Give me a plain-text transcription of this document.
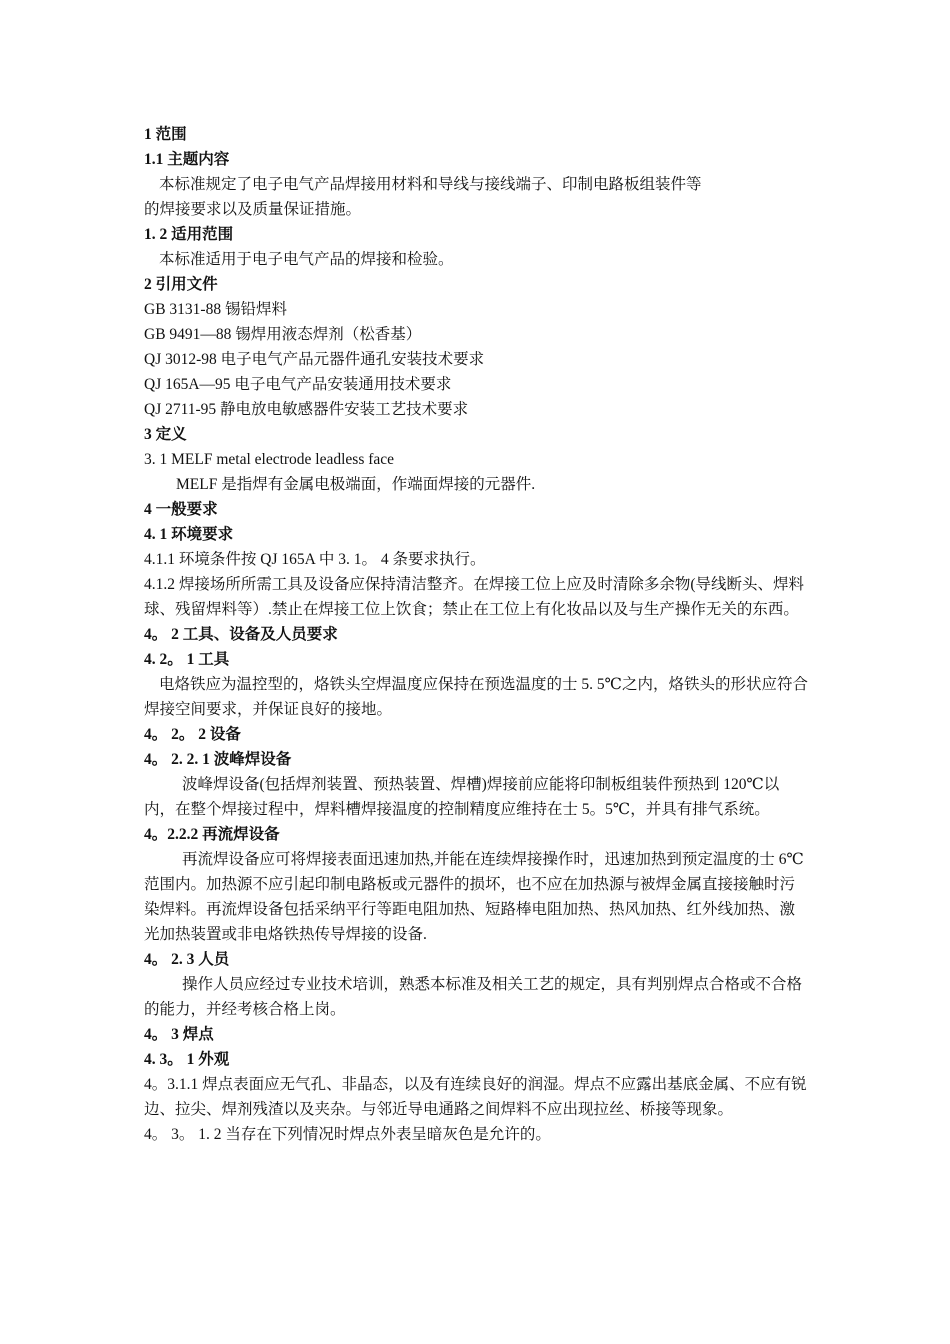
1 范围
1.1 主题内容
本标准规定了电子电气产品焊接用材料和导线与接线端子、印制电路板组装件等
的焊接要求以及质量保证措施。
1. 2 适用范围
本标准适用于电子电气产品的焊接和检验。
2 引用文件
GB 3131-88 锡铅焊料
GB 9491—88 锡焊用液态焊剂（松香基）
QJ 3012-98 电子电气产品元器件通孔安装技术要求
QJ 165A—95 电子电气产品安装通用技术要求
QJ 2711-95 静电放电敏感器件安装工艺技术要求
3 定义
3. 1 MELF metal electrode leadless face
MELF 是指焊有金属电极端面，作端面焊接的元器件.
4 一般要求
4. 1 环境要求
4.1.1 环境条件按 QJ 165A 中 3. 1。 4 条要求执行。
4.1.2 焊接场所所需工具及设备应保持清洁整齐。在焊接工位上应及时清除多余物(导线断头、焊料球、残留焊料等）.禁止在焊接工位上饮食；禁止在工位上有化妆品以及与生产操作无关的东西。
4。 2 工具、设备及人员要求
4. 2。 1 工具
电烙铁应为温控型的，烙铁头空焊温度应保持在预选温度的士 5. 5℃之内，烙铁头的形状应符合焊接空间要求，并保证良好的接地。
4。 2。 2 设备
4。 2. 2. 1 波峰焊设备
波峰焊设备(包括焊剂装置、预热装置、焊槽)焊接前应能将印制板组装件预热到 120℃以内，在整个焊接过程中，焊料槽焊接温度的控制精度应维持在士 5。5℃，并具有排气系统。
4。2.2.2 再流焊设备
再流焊设备应可将焊接表面迅速加热,并能在连续焊接操作时，迅速加热到预定温度的士 6℃范围内。加热源不应引起印制电路板或元器件的损坏，也不应在加热源与被焊金属直接接触时污染焊料。再流焊设备包括采纳平行等距电阻加热、短路棒电阻加热、热风加热、红外线加热、激光加热装置或非电烙铁热传导焊接的设备.
4。 2. 3 人员
操作人员应经过专业技术培训，熟悉本标准及相关工艺的规定，具有判别焊点合格或不合格的能力，并经考核合格上岗。
4。 3 焊点
4. 3。 1 外观
4。3.1.1 焊点表面应无气孔、非晶态，以及有连续良好的润湿。焊点不应露出基底金属、不应有锐边、拉尖、焊剂残渣以及夹杂。与邻近导电通路之间焊料不应出现拉丝、桥接等现象。
4。 3。 1. 2 当存在下列情况时焊点外表呈暗灰色是允许的。
